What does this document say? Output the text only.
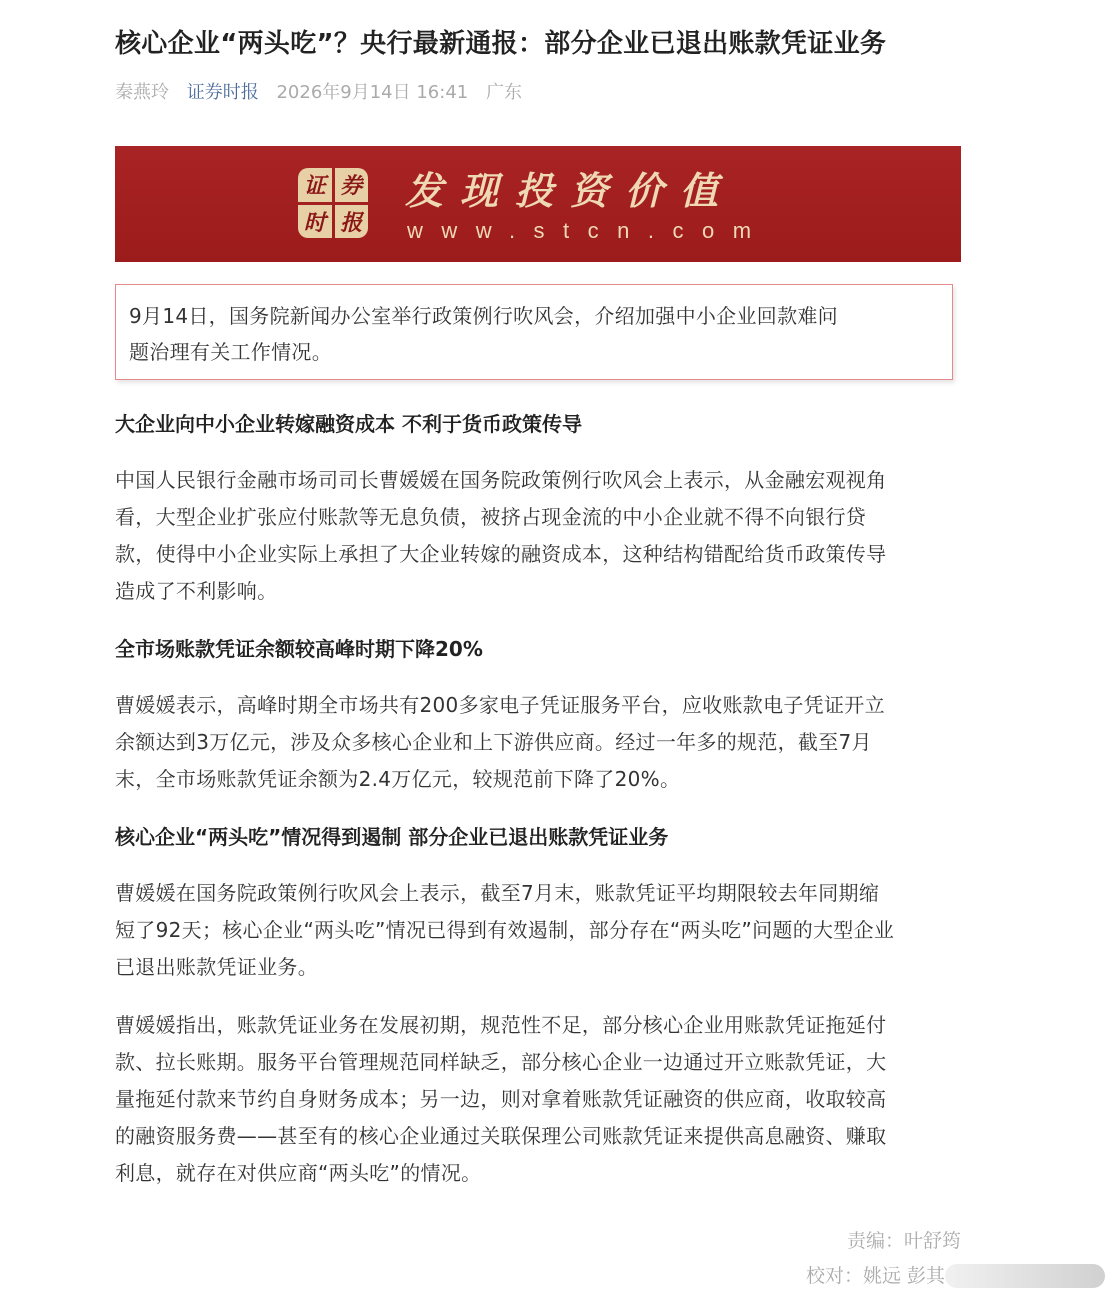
核心企业“两头吃”？央行最新通报：部分企业已退出账款凭证业务
秦燕玲 证券时报 2026年9月14日 16:41 广东
证 券
时 报
发现投资价值
www.stcn.com

9月14日，国务院新闻办公室举行政策例行吹风会，介绍加强中小企业回款难问

题治理有关工作情况。

大企业向中小企业转嫁融资成本 不利于货币政策传导
中国人民银行金融市场司司长曹媛媛在国务院政策例行吹风会上表示，从金融宏观视角
看，大型企业扩张应付账款等无息负债，被挤占现金流的中小企业就不得不向银行贷
款，使得中小企业实际上承担了大企业转嫁的融资成本，这种结构错配给货币政策传导
造成了不利影响。
全市场账款凭证余额较高峰时期下降20%
曹媛媛表示，高峰时期全市场共有200多家电子凭证服务平台，应收账款电子凭证开立
余额达到3万亿元，涉及众多核心企业和上下游供应商。经过一年多的规范，截至7月
末，全市场账款凭证余额为2.4万亿元，较规范前下降了20%。
核心企业“两头吃”情况得到遏制 部分企业已退出账款凭证业务
曹媛媛在国务院政策例行吹风会上表示，截至7月末，账款凭证平均期限较去年同期缩
短了92天；核心企业“两头吃”情况已得到有效遏制，部分存在“两头吃”问题的大型企业
已退出账款凭证业务。
曹媛媛指出，账款凭证业务在发展初期，规范性不足，部分核心企业用账款凭证拖延付
款、拉长账期。服务平台管理规范同样缺乏，部分核心企业一边通过开立账款凭证，大
量拖延付款来节约自身财务成本；另一边，则对拿着账款凭证融资的供应商，收取较高
的融资服务费——甚至有的核心企业通过关联保理公司账款凭证来提供高息融资、赚取
利息，就存在对供应商“两头吃”的情况。
责编：叶舒筠
校对：姚远 彭其
